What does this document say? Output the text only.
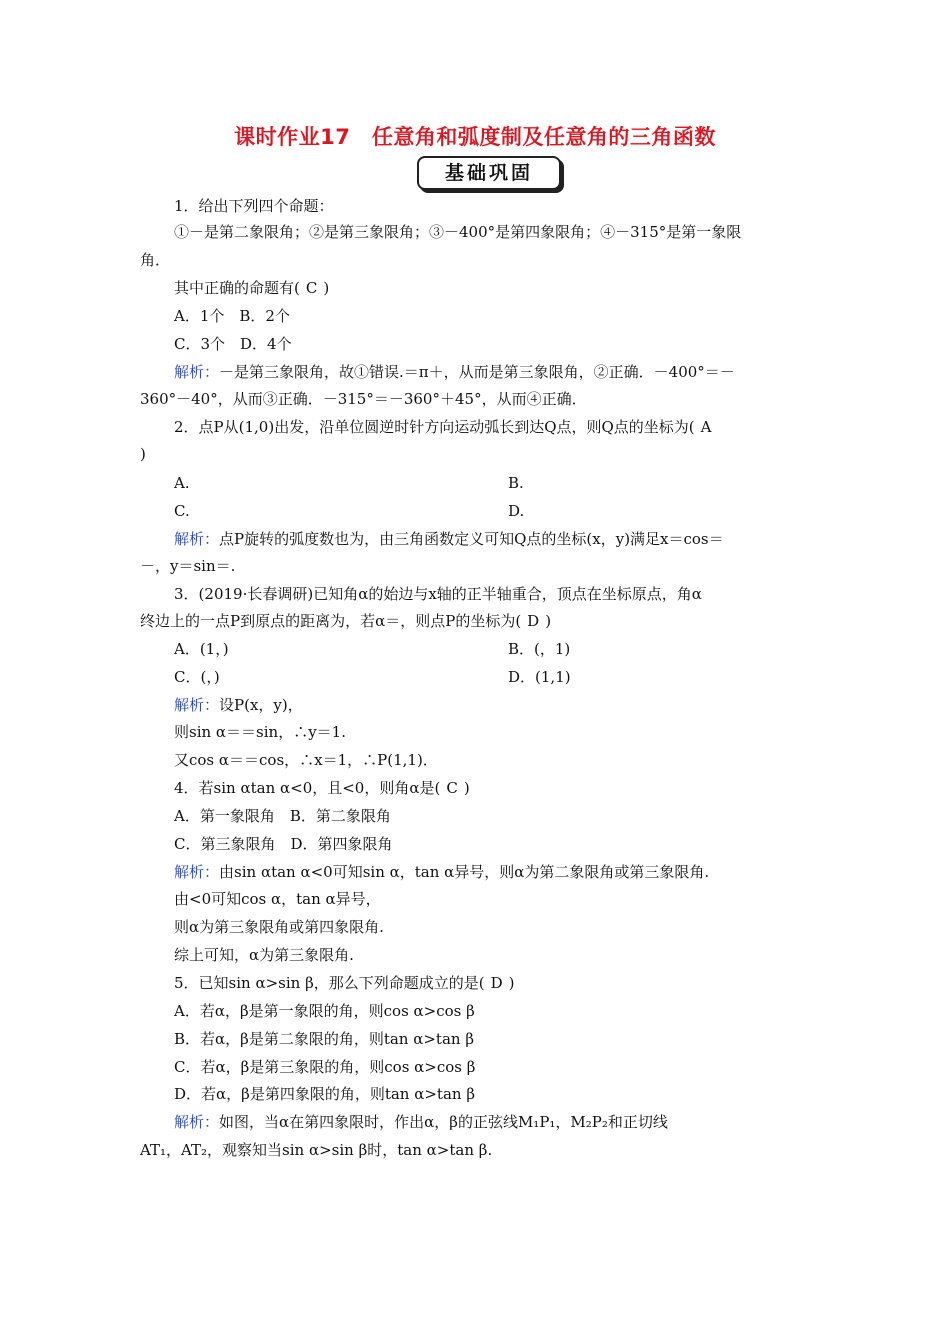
课时作业17　任意角和弧度制及任意角的三角函数
基础巩固
1．给出下列四个命题：
①－是第二象限角；②是第三象限角；③－400°是第四象限角；④－315°是第一象限
角．
其中正确的命题有( C )
A．1个　B．2个
C．3个　D．4个
解析：－是第三象限角，故①错误.＝π＋，从而是第三象限角，②正确．－400°＝－
360°－40°，从而③正确．－315°＝－360°＋45°，从而④正确．
2．点P从(1,0)出发，沿单位圆逆时针方向运动弧长到达Q点，则Q点的坐标为( A
)
A.	B.
C.	D.
解析：点P旋转的弧度数也为，由三角函数定义可知Q点的坐标(x，y)满足x＝cos＝
－，y＝sin＝.
3．(2019·长春调研)已知角α的始边与x轴的正半轴重合，顶点在坐标原点，角α
终边上的一点P到原点的距离为，若α＝，则点P的坐标为( D )
A．(1，)	B．(，1)
C．(，)	D．(1,1)
解析：设P(x，y)，
则sin α＝＝sin，∴y＝1.
又cos α＝＝cos，∴x＝1，∴P(1,1)．
4．若sin αtan α<0，且<0，则角α是( C )
A．第一象限角　B．第二象限角
C．第三象限角　D．第四象限角
解析：由sin αtan α<0可知sin α，tan α异号，则α为第二象限角或第三象限角.
由<0可知cos α，tan α异号，
则α为第三象限角或第四象限角.
综上可知，α为第三象限角.
5．已知sin α>sin β，那么下列命题成立的是( D )
A．若α，β是第一象限的角，则cos α>cos β
B．若α，β是第二象限的角，则tan α>tan β
C．若α，β是第三象限的角，则cos α>cos β
D．若α，β是第四象限的角，则tan α>tan β
解析：如图，当α在第四象限时，作出α，β的正弦线M₁P₁，M₂P₂和正切线
AT₁，AT₂，观察知当sin α>sin β时，tan α>tan β.
